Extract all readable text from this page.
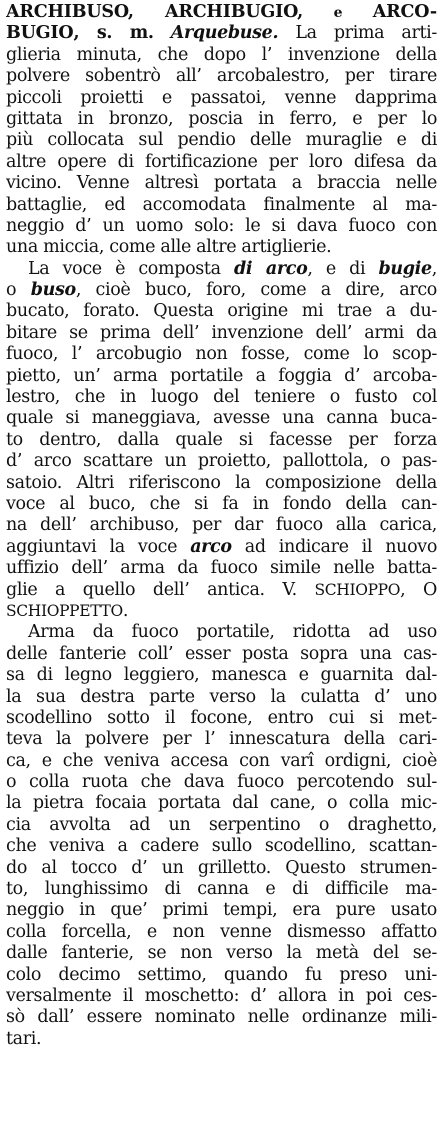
ARCHIBUSO, ARCHIBUGIO, e ARCO-
BUGIO, s. m. Arquebuse. La prima arti-
glieria minuta, che dopo l’ invenzione della
polvere sobentrò all’ arcobalestro, per tirare
piccoli proietti e passatoi, venne dapprima
gittata in bronzo, poscia in ferro, e per lo
più collocata sul pendio delle muraglie e di
altre opere di fortificazione per loro difesa da
vicino. Venne altresì portata a braccia nelle
battaglie, ed accomodata finalmente al ma-
neggio d’ un uomo solo: le si dava fuoco con
una miccia, come alle altre artiglierie.
La voce è composta di arco, e di bugie,
o buso, cioè buco, foro, come a dire, arco
bucato, forato. Questa origine mi trae a du-
bitare se prima dell’ invenzione dell’ armi da
fuoco, l’ arcobugio non fosse, come lo scop-
pietto, un’ arma portatile a foggia d’ arcoba-
lestro, che in luogo del teniere o fusto col
quale si maneggiava, avesse una canna buca-
to dentro, dalla quale si facesse per forza
d’ arco scattare un proietto, pallottola, o pas-
satoio. Altri riferiscono la composizione della
voce al buco, che si fa in fondo della can-
na dell’ archibuso, per dar fuoco alla carica,
aggiuntavi la voce arco ad indicare il nuovo
uffizio dell’ arma da fuoco simile nelle batta-
glie a quello dell’ antica. V. SCHIOPPO, O
SCHIOPPETTO.
Arma da fuoco portatile, ridotta ad uso
delle fanterie coll’ esser posta sopra una cas-
sa di legno leggiero, manesca e guarnita dal-
la sua destra parte verso la culatta d’ uno
scodellino sotto il focone, entro cui si met-
teva la polvere per l’ innescatura della cari-
ca, e che veniva accesa con varî ordigni, cioè
o colla ruota che dava fuoco percotendo sul-
la pietra focaia portata dal cane, o colla mic-
cia avvolta ad un serpentino o draghetto,
che veniva a cadere sullo scodellino, scattan-
do al tocco d’ un grilletto. Questo strumen-
to, lunghissimo di canna e di difficile ma-
neggio in que’ primi tempi, era pure usato
colla forcella, e non venne dismesso affatto
dalle fanterie, se non verso la metà del se-
colo decimo settimo, quando fu preso uni-
versalmente il moschetto: d’ allora in poi ces-
sò dall’ essere nominato nelle ordinanze mili-
tari.
